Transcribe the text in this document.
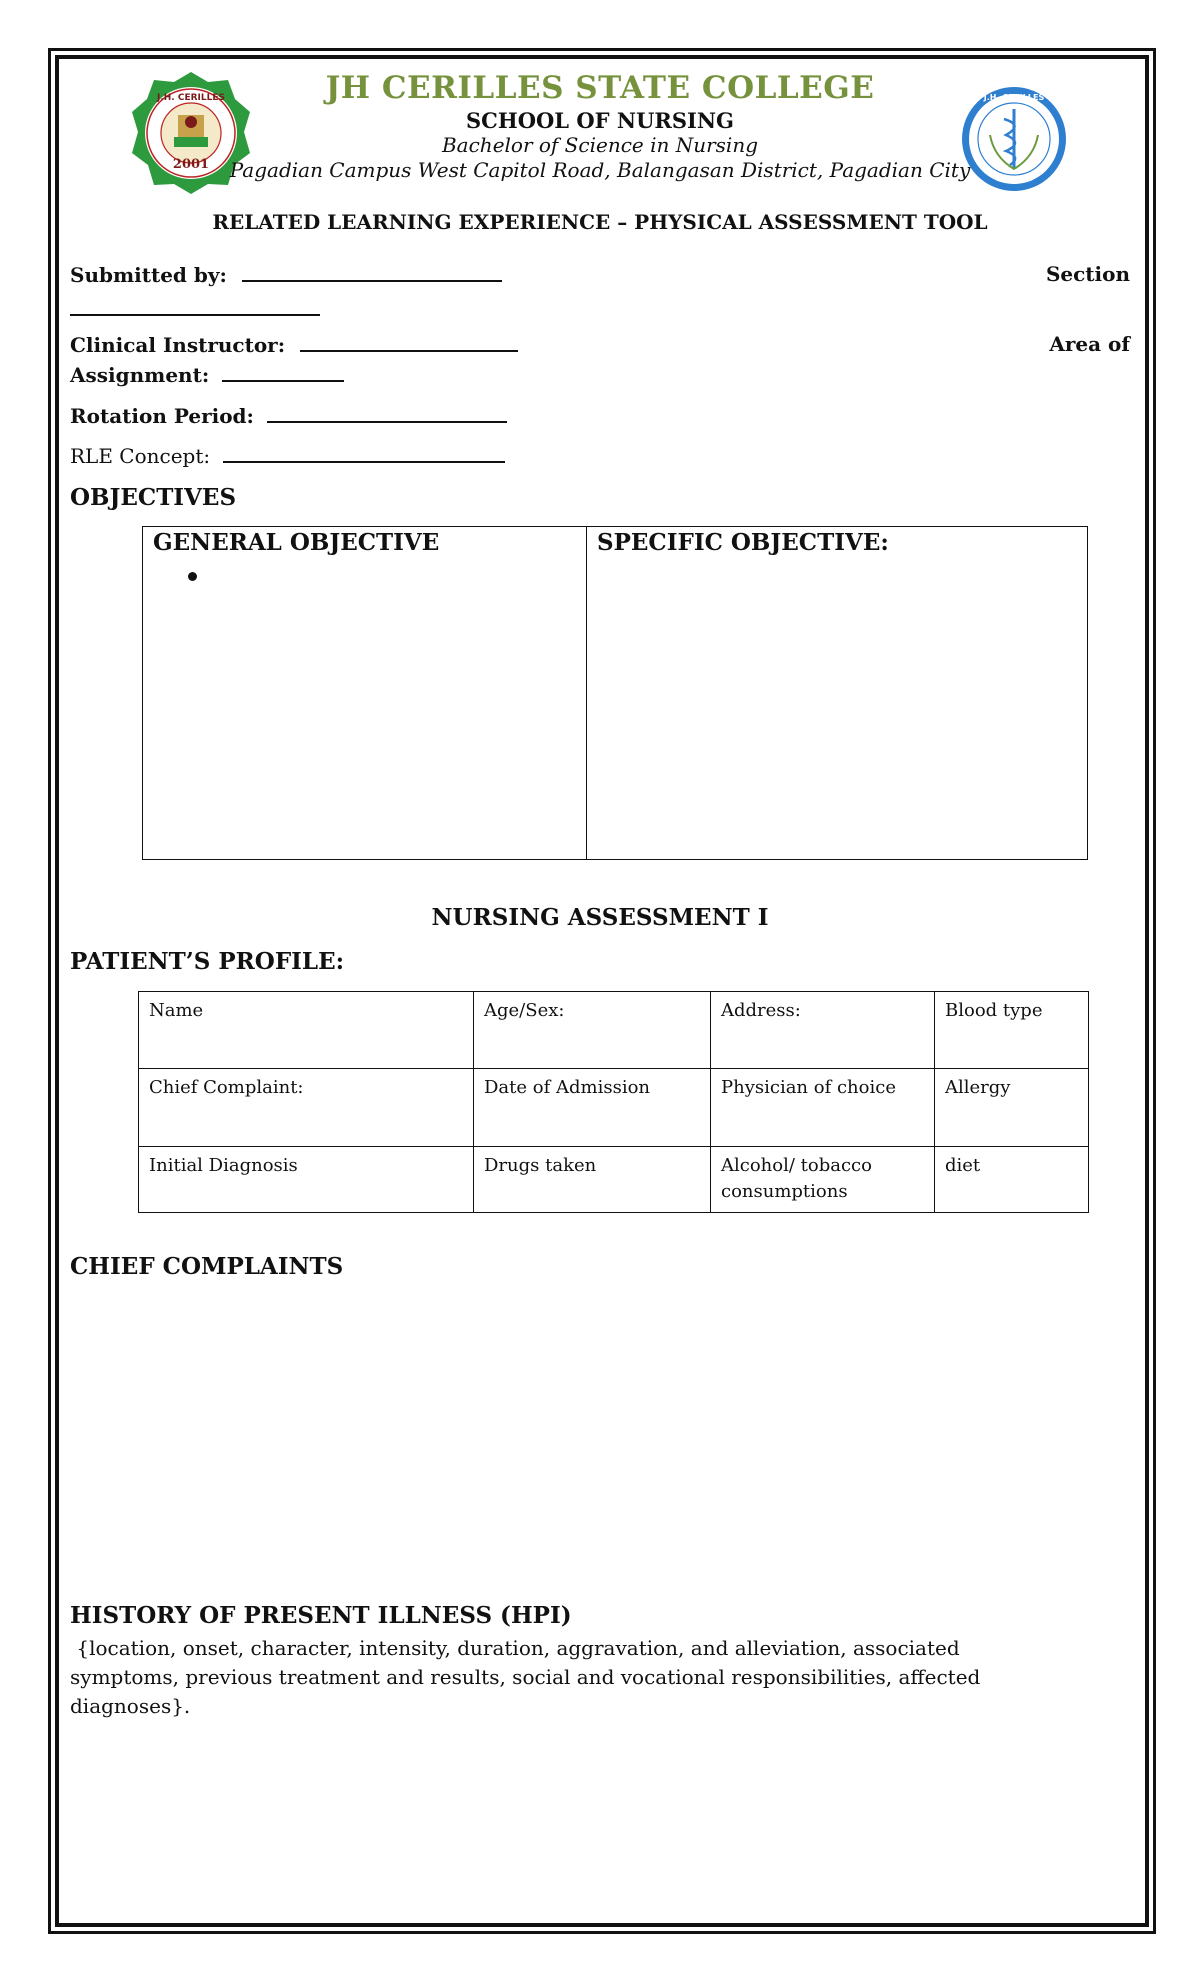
2001
J.H. CERILLES	J.H. CERILLES
JH CERILLES STATE COLLEGE
SCHOOL OF NURSING
Bachelor of Science in Nursing
Pagadian Campus West Capitol Road, Balangasan District, Pagadian City
RELATED LEARNING EXPERIENCE – PHYSICAL ASSESSMENT TOOL
Submitted by:	Section
Clinical Instructor:	Area of
Assignment:
Rotation Period:
RLE Concept:
OBJECTIVES
GENERAL OBJECTIVE	SPECIFIC OBJECTIVE:
NURSING ASSESSMENT I
PATIENT’S PROFILE:
Name	Age/Sex:	Address:	Blood type
Chief Complaint:	Date of Admission	Physician of choice	Allergy
Initial Diagnosis	Drugs taken	Alcohol/ tobacco consumptions	diet
CHIEF COMPLAINTS
HISTORY OF PRESENT ILLNESS (HPI)
{location, onset, character, intensity, duration, aggravation, and alleviation, associated symptoms, previous treatment and results, social and vocational responsibilities, affected diagnoses}.
